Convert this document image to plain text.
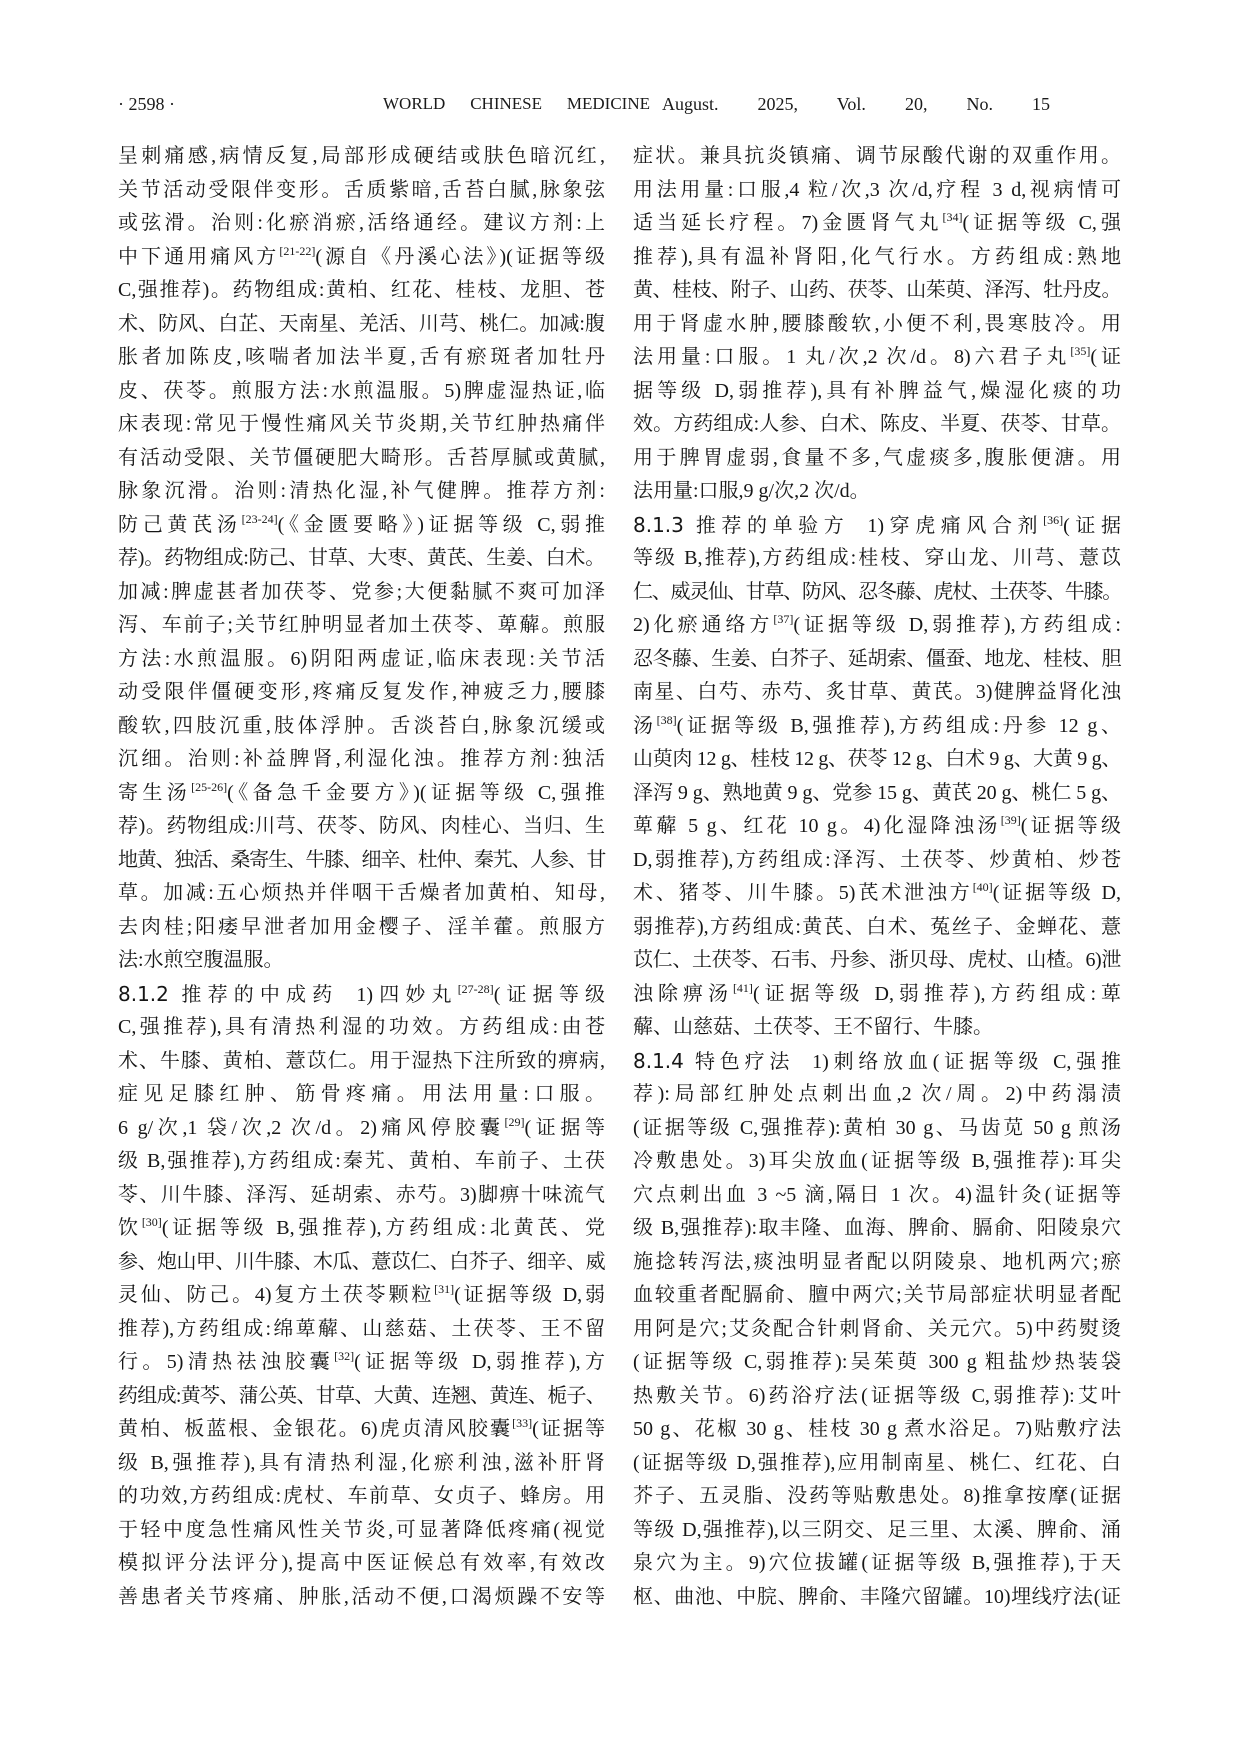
· 2598 ·	WORLD CHINESE MEDICINE August. 2025, Vol. 20, No. 15
呈刺痛感,病情反复,局部形成硬结或肤色暗沉红,
关节活动受限伴变形。舌质紫暗,舌苔白腻,脉象弦
或弦滑。治则:化瘀消瘀,活络通经。建议方剂:上
中下通用痛风方[21-22](源自《丹溪心法》)(证据等级
C,强推荐)。药物组成:黄柏、红花、桂枝、龙胆、苍
术、防风、白芷、天南星、羌活、川芎、桃仁。加减:腹
胀者加陈皮,咳喘者加法半夏,舌有瘀斑者加牡丹
皮、茯苓。煎服方法:水煎温服。5)脾虚湿热证,临
床表现:常见于慢性痛风关节炎期,关节红肿热痛伴
有活动受限、关节僵硬肥大畸形。舌苔厚腻或黄腻,
脉象沉滑。治则:清热化湿,补气健脾。推荐方剂:
防己黄芪汤[23-24](《金匮要略》)证据等级 C,弱推
荐)。药物组成:防己、甘草、大枣、黄芪、生姜、白术。
加减:脾虚甚者加茯苓、党参;大便黏腻不爽可加泽
泻、车前子;关节红肿明显者加土茯苓、萆薢。煎服
方法:水煎温服。6)阴阳两虚证,临床表现:关节活
动受限伴僵硬变形,疼痛反复发作,神疲乏力,腰膝
酸软,四肢沉重,肢体浮肿。舌淡苔白,脉象沉缓或
沉细。治则:补益脾肾,利湿化浊。推荐方剂:独活
寄生汤[25-26](《备急千金要方》)(证据等级 C,强推
荐)。药物组成:川芎、茯苓、防风、肉桂心、当归、生
地黄、独活、桑寄生、牛膝、细辛、杜仲、秦艽、人参、甘
草。加减:五心烦热并伴咽干舌燥者加黄柏、知母,
去肉桂;阳痿早泄者加用金樱子、淫羊藿。煎服方
法:水煎空腹温服。
8.1.2 推荐的中成药 1)四妙丸[27-28](证据等级
C,强推荐),具有清热利湿的功效。方药组成:由苍
术、牛膝、黄柏、薏苡仁。用于湿热下注所致的痹病,
症见足膝红肿、筋骨疼痛。用法用量:口服。
6 g/次,1 袋/次,2 次/d。2)痛风停胶囊[29](证据等
级 B,强推荐),方药组成:秦艽、黄柏、车前子、土茯
苓、川牛膝、泽泻、延胡索、赤芍。3)脚痹十味流气
饮[30](证据等级 B,强推荐),方药组成:北黄芪、党
参、炮山甲、川牛膝、木瓜、薏苡仁、白芥子、细辛、威
灵仙、防己。4)复方土茯苓颗粒[31](证据等级 D,弱
推荐),方药组成:绵萆薢、山慈菇、土茯苓、王不留
行。5)清热祛浊胶囊[32](证据等级 D,弱推荐),方
药组成:黄芩、蒲公英、甘草、大黄、连翘、黄连、栀子、
黄柏、板蓝根、金银花。6)虎贞清风胶囊[33](证据等
级 B,强推荐),具有清热利湿,化瘀利浊,滋补肝肾
的功效,方药组成:虎杖、车前草、女贞子、蜂房。用
于轻中度急性痛风性关节炎,可显著降低疼痛(视觉
模拟评分法评分),提高中医证候总有效率,有效改
善患者关节疼痛、肿胀,活动不便,口渴烦躁不安等
症状。兼具抗炎镇痛、调节尿酸代谢的双重作用。
用法用量:口服,4 粒/次,3 次/d,疗程 3 d,视病情可
适当延长疗程。7)金匮肾气丸[34](证据等级 C,强
推荐),具有温补肾阳,化气行水。方药组成:熟地
黄、桂枝、附子、山药、茯苓、山茱萸、泽泻、牡丹皮。
用于肾虚水肿,腰膝酸软,小便不利,畏寒肢冷。用
法用量:口服。1 丸/次,2 次/d。8)六君子丸[35](证
据等级 D,弱推荐),具有补脾益气,燥湿化痰的功
效。方药组成:人参、白术、陈皮、半夏、茯苓、甘草。
用于脾胃虚弱,食量不多,气虚痰多,腹胀便溏。用
法用量:口服,9 g/次,2 次/d。
8.1.3 推荐的单验方 1)穿虎痛风合剂[36](证据
等级 B,推荐),方药组成:桂枝、穿山龙、川芎、薏苡
仁、威灵仙、甘草、防风、忍冬藤、虎杖、土茯苓、牛膝。
2)化瘀通络方[37](证据等级 D,弱推荐),方药组成:
忍冬藤、生姜、白芥子、延胡索、僵蚕、地龙、桂枝、胆
南星、白芍、赤芍、炙甘草、黄芪。3)健脾益肾化浊
汤[38](证据等级 B,强推荐),方药组成:丹参 12 g、
山萸肉 12 g、桂枝 12 g、茯苓 12 g、白术 9 g、大黄 9 g、
泽泻 9 g、熟地黄 9 g、党参 15 g、黄芪 20 g、桃仁 5 g、
萆薢 5 g、红花 10 g。4)化湿降浊汤[39](证据等级
D,弱推荐),方药组成:泽泻、土茯苓、炒黄柏、炒苍
术、猪苓、川牛膝。5)芪术泄浊方[40](证据等级 D,
弱推荐),方药组成:黄芪、白术、菟丝子、金蝉花、薏
苡仁、土茯苓、石韦、丹参、浙贝母、虎杖、山楂。6)泄
浊除痹汤[41](证据等级 D,弱推荐),方药组成:萆
薢、山慈菇、土茯苓、王不留行、牛膝。
8.1.4 特色疗法 1)刺络放血(证据等级 C,强推
荐):局部红肿处点刺出血,2 次/周。2)中药溻渍
(证据等级 C,强推荐):黄柏 30 g、马齿苋 50 g 煎汤
冷敷患处。3)耳尖放血(证据等级 B,强推荐):耳尖
穴点刺出血 3 ~5 滴,隔日 1 次。4)温针灸(证据等
级 B,强推荐):取丰隆、血海、脾俞、膈俞、阳陵泉穴
施捻转泻法,痰浊明显者配以阴陵泉、地机两穴;瘀
血较重者配膈俞、膻中两穴;关节局部症状明显者配
用阿是穴;艾灸配合针刺肾俞、关元穴。5)中药熨烫
(证据等级 C,弱推荐):吴茱萸 300 g 粗盐炒热装袋
热敷关节。6)药浴疗法(证据等级 C,弱推荐):艾叶
50 g、花椒 30 g、桂枝 30 g 煮水浴足。7)贴敷疗法
(证据等级 D,强推荐),应用制南星、桃仁、红花、白
芥子、五灵脂、没药等贴敷患处。8)推拿按摩(证据
等级 D,强推荐),以三阴交、足三里、太溪、脾俞、涌
泉穴为主。9)穴位拔罐(证据等级 B,强推荐),于天
枢、曲池、中脘、脾俞、丰隆穴留罐。10)埋线疗法(证
